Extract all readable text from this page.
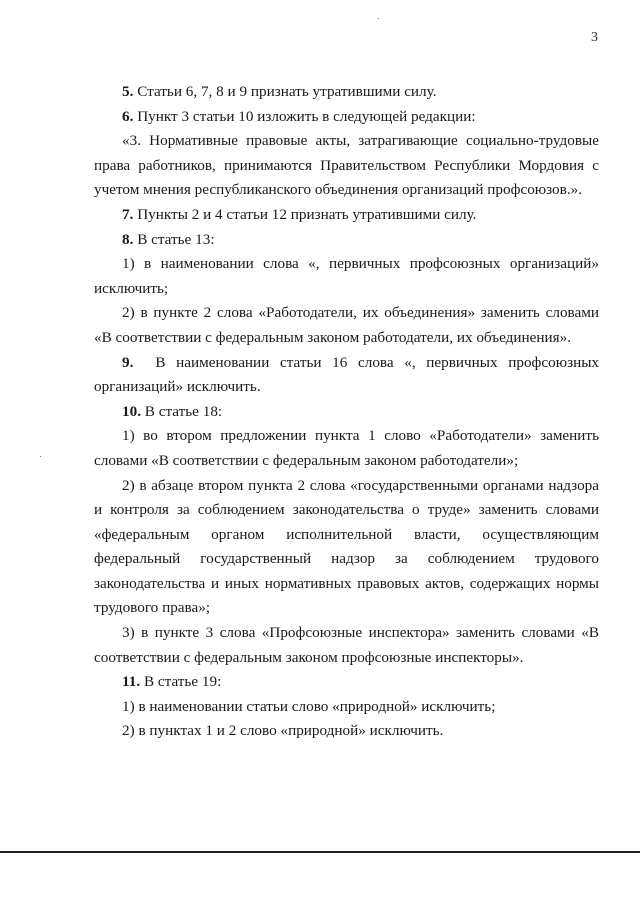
3

5. Статьи 6, 7, 8 и 9 признать утратившими силу.

6. Пункт 3 статьи 10 изложить в следующей редакции:

«3. Нормативные правовые акты, затрагивающие социально-трудовые права работников, принимаются Правительством Республики Мордовия с учетом мнения республиканского объединения организаций профсоюзов.».

7. Пункты 2 и 4 статьи 12 признать утратившими силу.

8. В статье 13:

1) в наименовании слова «, первичных профсоюзных организаций» исключить;

2) в пункте 2 слова «Работодатели, их объединения» заменить словами «В соответствии с федеральным законом работодатели, их объединения».

9. В наименовании статьи 16 слова «, первичных профсоюзных организаций» исключить.

10. В статье 18:

1) во втором предложении пункта 1 слово «Работодатели» заменить словами «В соответствии с федеральным законом работодатели»;

2) в абзаце втором пункта 2 слова «государственными органами надзора и контроля за соблюдением законодательства о труде» заменить словами «федеральным органом исполнительной власти, осуществляющим федеральный государственный надзор за соблюдением трудового законодательства и иных нормативных правовых актов, содержащих нормы трудового права»;

3) в пункте 3 слова «Профсоюзные инспектора» заменить словами «В соответствии с федеральным законом профсоюзные инспекторы».

11. В статье 19:

1) в наименовании статьи слово «природной» исключить;

2) в пунктах 1 и 2 слово «природной» исключить.
